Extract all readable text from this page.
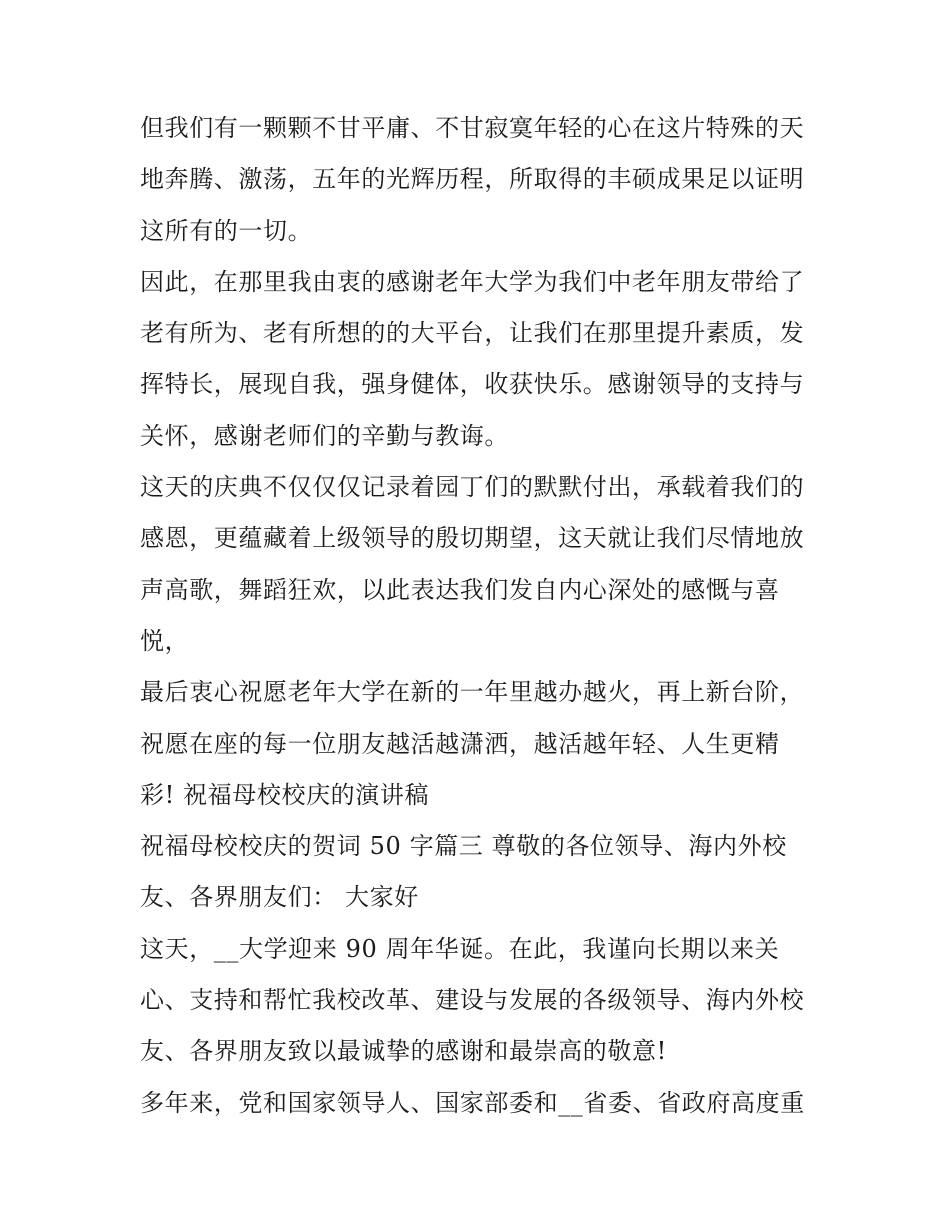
但我们有一颗颗不甘平庸、不甘寂寞年轻的心在这片特殊的天
地奔腾、激荡，五年的光辉历程，所取得的丰硕成果足以证明
这所有的一切。
因此，在那里我由衷的感谢老年大学为我们中老年朋友带给了
老有所为、老有所想的的大平台，让我们在那里提升素质，发
挥特长，展现自我，强身健体，收获快乐。感谢领导的支持与
关怀，感谢老师们的辛勤与教诲。
这天的庆典不仅仅仅记录着园丁们的默默付出，承载着我们的
感恩，更蕴藏着上级领导的殷切期望，这天就让我们尽情地放
声高歌，舞蹈狂欢，以此表达我们发自内心深处的感慨与喜
悦，
最后衷心祝愿老年大学在新的一年里越办越火，再上新台阶，
祝愿在座的每一位朋友越活越潇洒，越活越年轻、人生更精
彩! 祝福母校校庆的演讲稿
祝福母校校庆的贺词 50 字篇三 尊敬的各位领导、海内外校
友、各界朋友们： 大家好
这天，__大学迎来 90 周年华诞。在此，我谨向长期以来关
心、支持和帮忙我校改革、建设与发展的各级领导、海内外校
友、各界朋友致以最诚挚的感谢和最崇高的敬意!
多年来，党和国家领导人、国家部委和__省委、省政府高度重
